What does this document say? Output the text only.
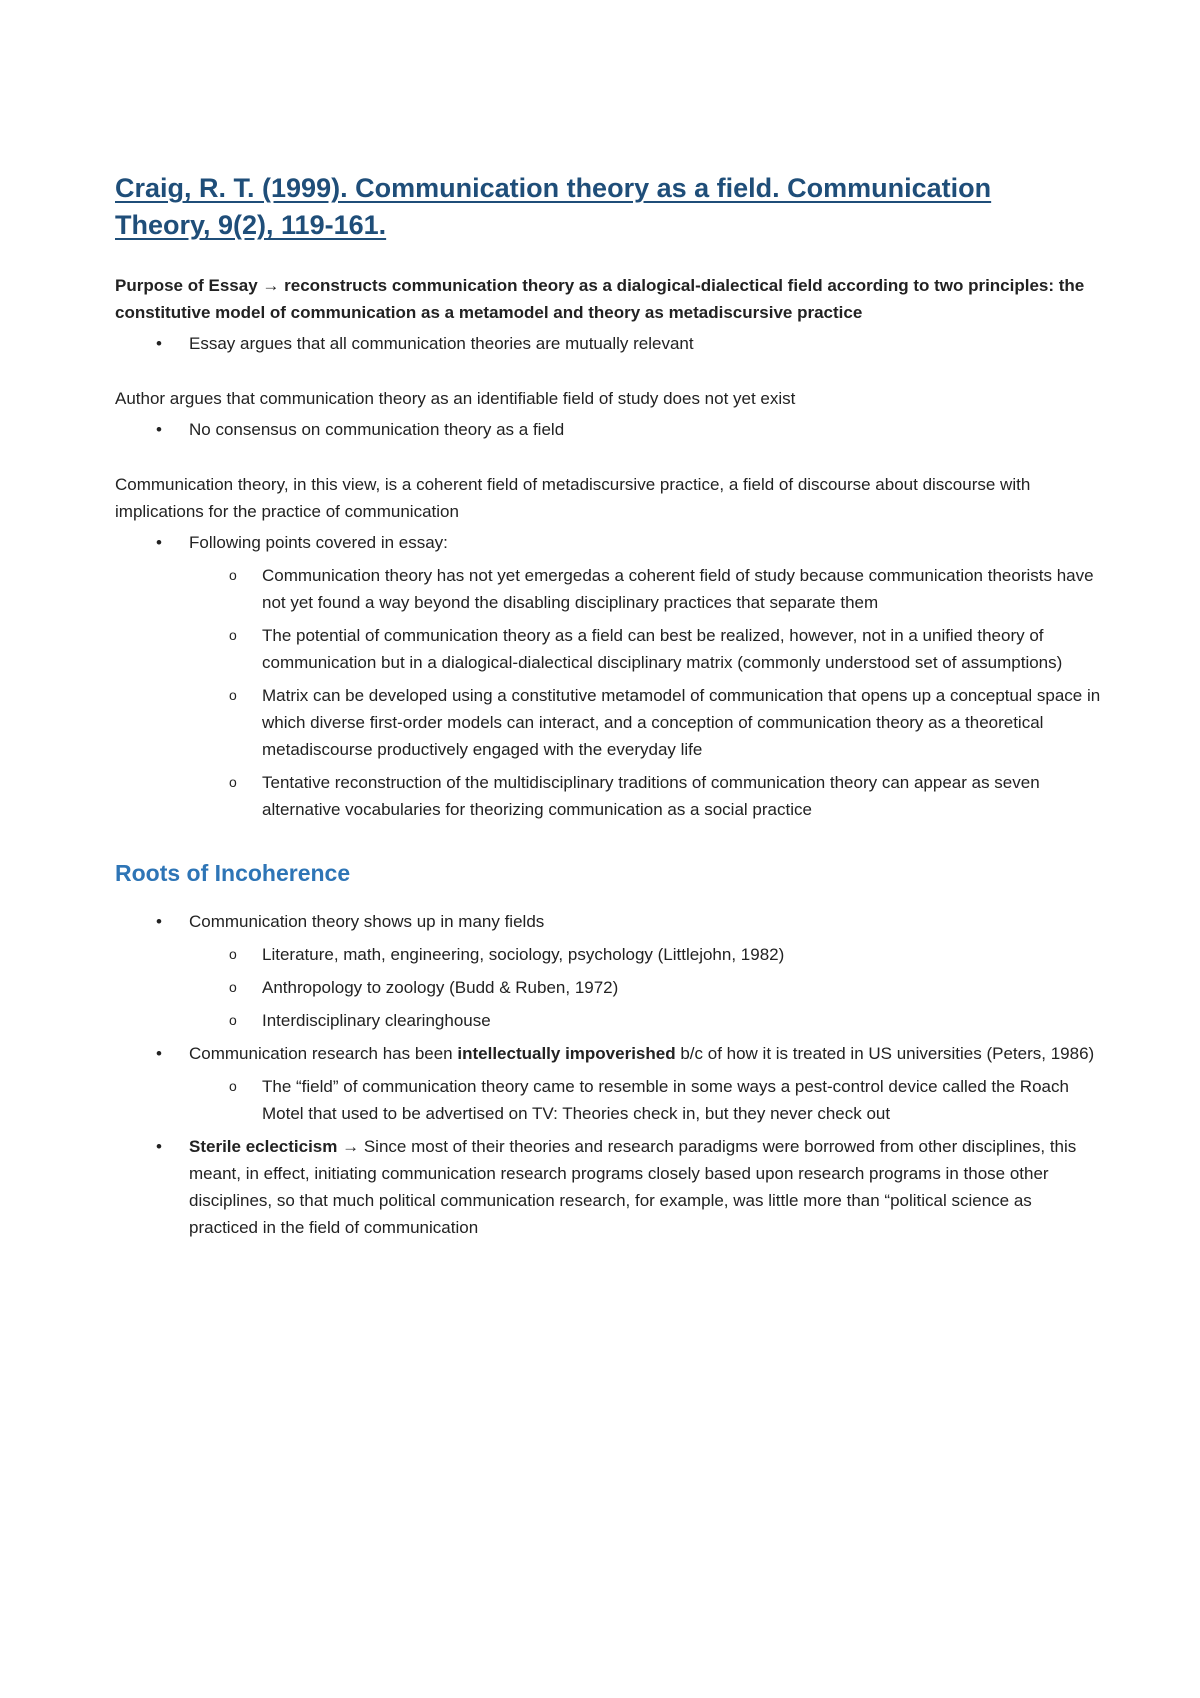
Craig, R. T. (1999). Communication theory as a field. Communication Theory, 9(2), 119-161.

Purpose of Essay → reconstructs communication theory as a dialogical-dialectical field according to two principles: the constitutive model of communication as a metamodel and theory as metadiscursive practice

• Essay argues that all communication theories are mutually relevant

Author argues that communication theory as an identifiable field of study does not yet exist

• No consensus on communication theory as a field

Communication theory, in this view, is a coherent field of metadiscursive practice, a field of discourse about discourse with implications for the practice of communication

• Following points covered in essay:
o Communication theory has not yet emergedas a coherent field of study because communication theorists have not yet found a way beyond the disabling disciplinary practices that separate them
o The potential of communication theory as a field can best be realized, however, not in a unified theory of communication but in a dialogical-dialectical disciplinary matrix (commonly understood set of assumptions)
o Matrix can be developed using a constitutive metamodel of communication that opens up a conceptual space in which diverse first-order models can interact, and a conception of communication theory as a theoretical metadiscourse productively engaged with the everyday life
o Tentative reconstruction of the multidisciplinary traditions of communication theory can appear as seven alternative vocabularies for theorizing communication as a social practice
Roots of Incoherence
• Communication theory shows up in many fields
o Literature, math, engineering, sociology, psychology (Littlejohn, 1982)
o Anthropology to zoology (Budd & Ruben, 1972)
o Interdisciplinary clearinghouse
• Communication research has been intellectually impoverished b/c of how it is treated in US universities (Peters, 1986)
o The “field” of communication theory came to resemble in some ways a pest-control device called the Roach Motel that used to be advertised on TV: Theories check in, but they never check out
• Sterile eclecticism → Since most of their theories and research paradigms were borrowed from other disciplines, this meant, in effect, initiating communication research programs closely based upon research programs in those other disciplines, so that much political communication research, for example, was little more than “political science as practiced in the field of communication
